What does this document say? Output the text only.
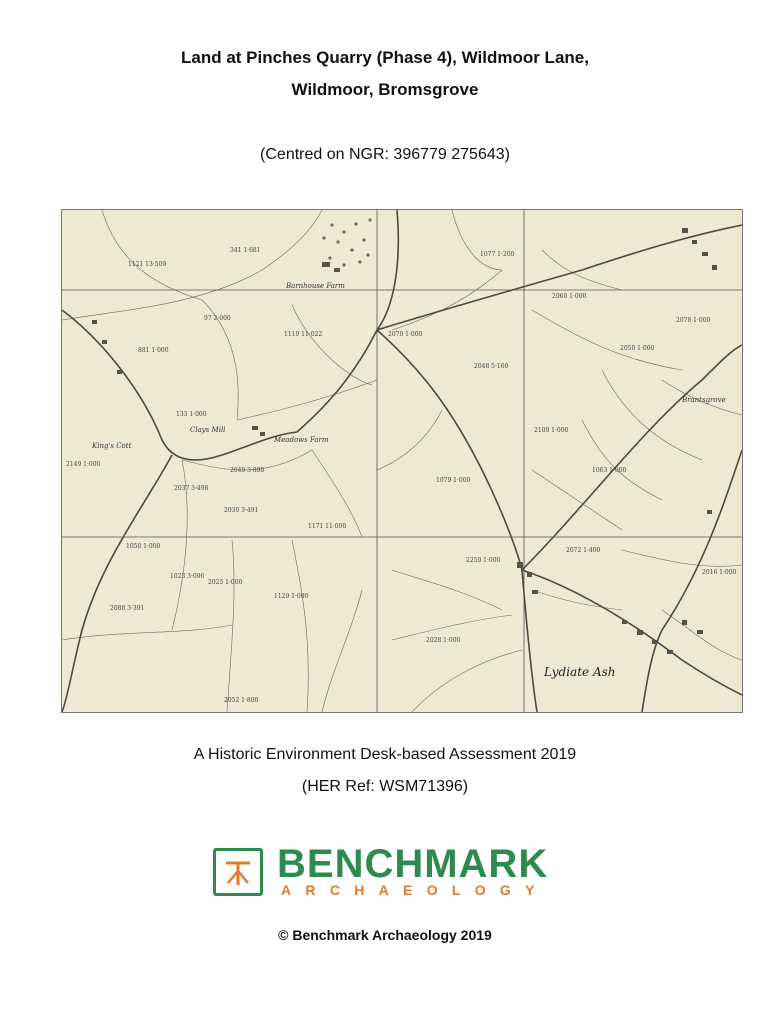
Land at Pinches Quarry (Phase 4), Wildmoor Lane,
Wildmoor, Bromsgrove
(Centred on NGR: 396779 275643)
Lydiate Ash
Clays Mill
Barnhouse Farm
Meadows Farm
King's Cott
Brantsgrove
1121 13·509
341 1·681
97 2·000
1119 11·022
881 1·000
133 1·000
2149 1·000
2049 3·890
2037 3·498
2030 3·491
1171 11·000
1050 1·000
1023 3·096
2025 1·000
1129 1·000
2088 3·391
2052 1·800
1077 1·200
2070 1·000
2048 5·160
2060 1·000
2050 1·000
2078 1·000
2109 1·000
1063 1·000
1079 1·000
2250 1·000
2028 1·000
2072 1·400
2016 1·000
A Historic Environment Desk-based Assessment 2019
(HER Ref: WSM71396)
BENCHMARK
ARCHAEOLOGY
© Benchmark Archaeology 2019
